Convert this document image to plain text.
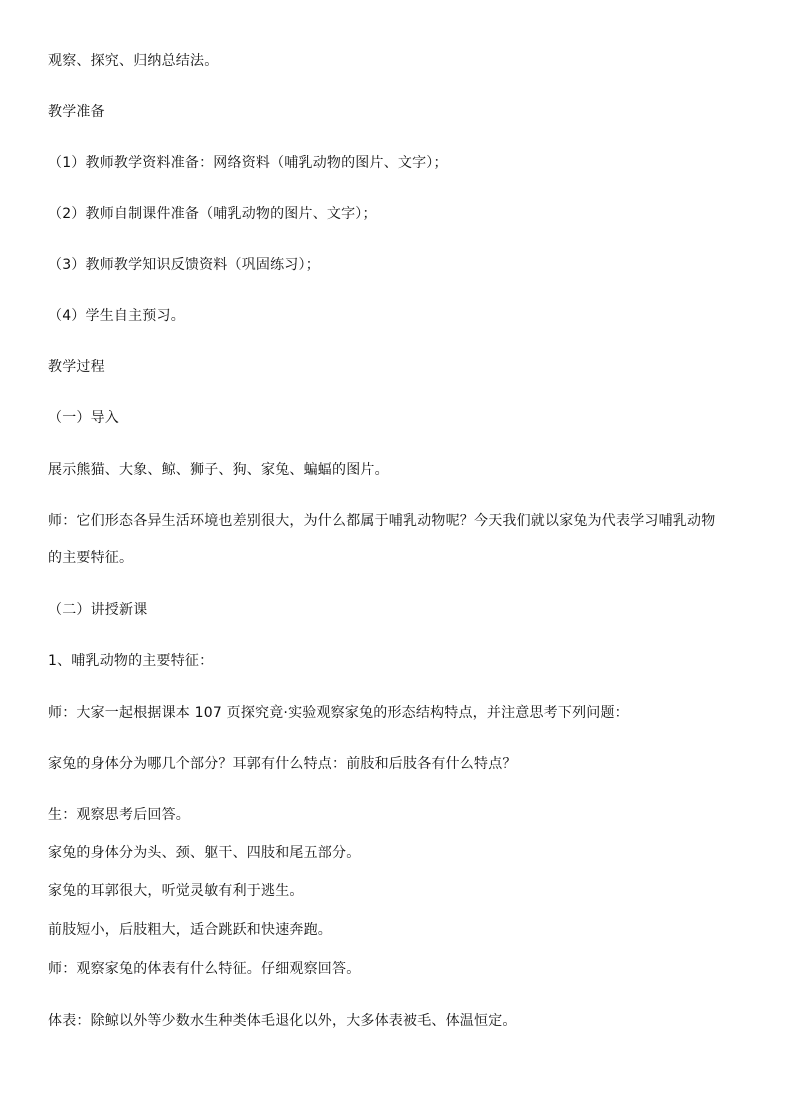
观察、探究、归纳总结法。

教学准备

（1）教师教学资料准备：网络资料（哺乳动物的图片、文字）；

（2）教师自制课件准备（哺乳动物的图片、文字）；

（3）教师教学知识反馈资料（巩固练习）；

（4）学生自主预习。

教学过程

（一）导入

展示熊猫、大象、鲸、狮子、狗、家兔、蝙蝠的图片。

师：它们形态各异生活环境也差别很大，为什么都属于哺乳动物呢？今天我们就以家兔为代表学习哺乳动物

的主要特征。

（二）讲授新课

1、哺乳动物的主要特征：

师：大家一起根据课本 107 页探究竟·实验观察家兔的形态结构特点，并注意思考下列问题：

家兔的身体分为哪几个部分？耳郭有什么特点：前肢和后肢各有什么特点？

生：观察思考后回答。

家兔的身体分为头、颈、躯干、四肢和尾五部分。

家兔的耳郭很大，听觉灵敏有利于逃生。

前肢短小，后肢粗大，适合跳跃和快速奔跑。

师：观察家兔的体表有什么特征。仔细观察回答。

体表：除鲸以外等少数水生种类体毛退化以外，大多体表被毛、体温恒定。
